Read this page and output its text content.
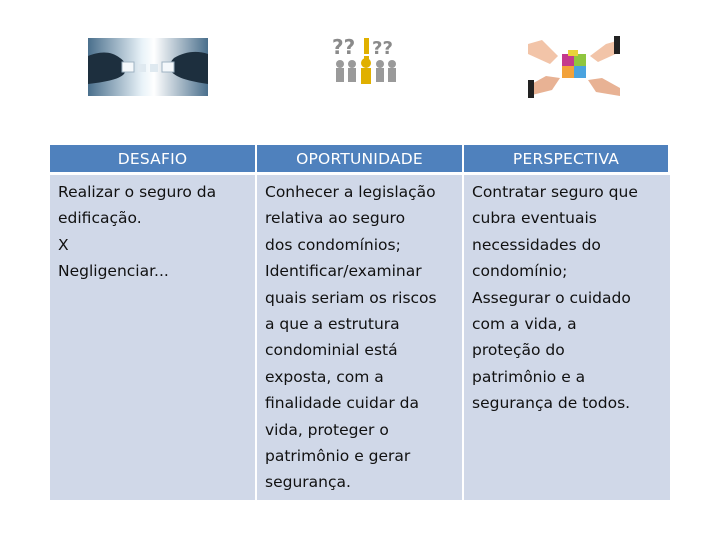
?? ??
DESAFIO	OPORTUNIDADE	PERSPECTIVA
Realizar o seguro da
edificação.
X
Negligenciar...
Conhecer a legislação
relativa ao seguro
dos condomínios;
Identificar/examinar
quais seriam os riscos
a que a estrutura
condominial está
exposta, com a
finalidade cuidar da
vida, proteger o
patrimônio e gerar
segurança.
Contratar seguro que
cubra eventuais
necessidades do
condomínio;
Assegurar o cuidado
com a vida, a
proteção do
patrimônio e a
segurança de todos.
